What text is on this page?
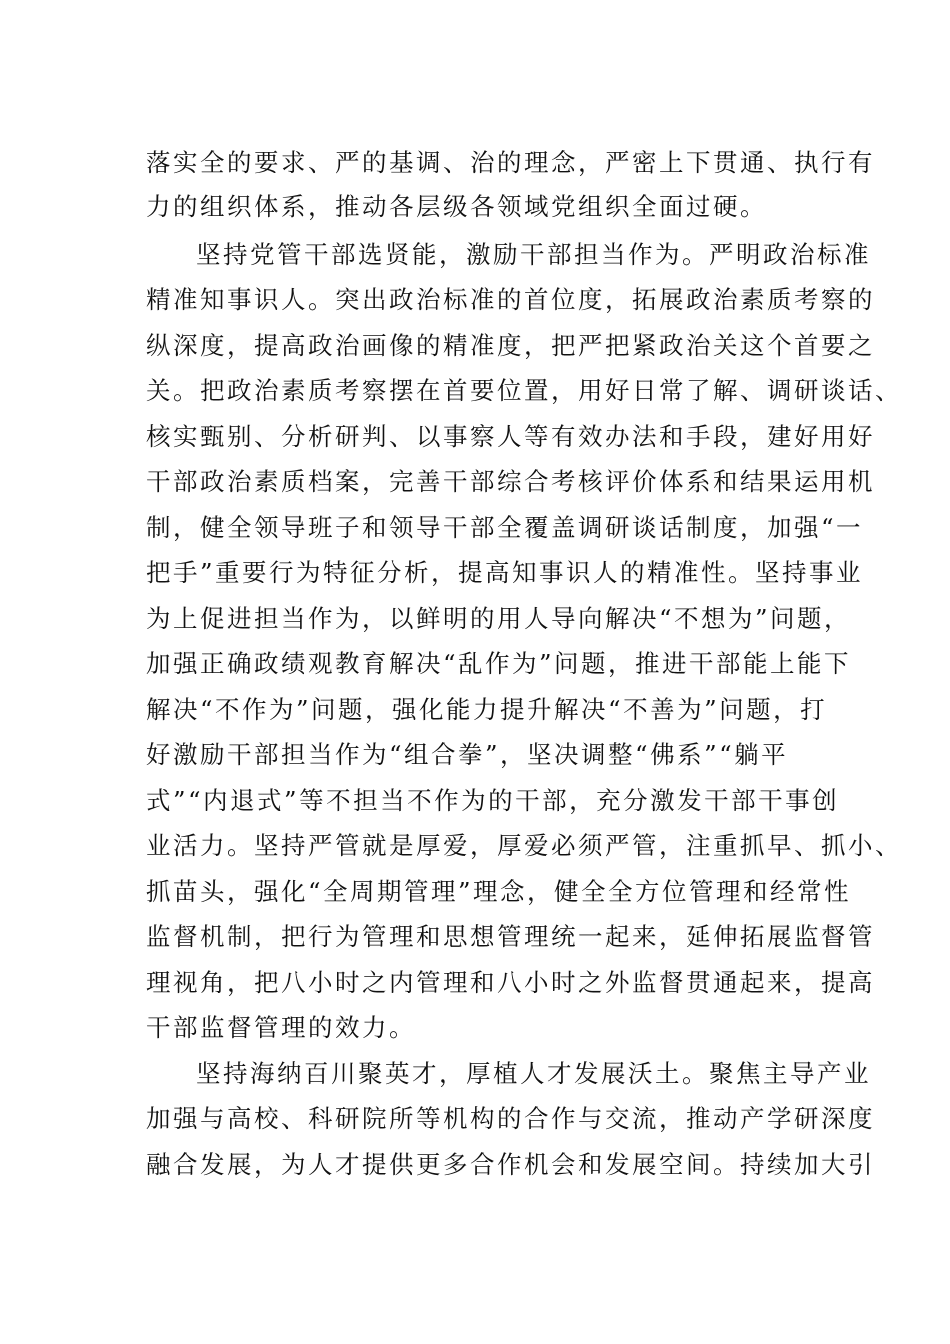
落实全的要求、严的基调、治的理念，严密上下贯通、执行有
力的组织体系，推动各层级各领域党组织全面过硬。
坚持党管干部选贤能，激励干部担当作为。严明政治标准
精准知事识人。突出政治标准的首位度，拓展政治素质考察的
纵深度，提高政治画像的精准度，把严把紧政治关这个首要之
关。把政治素质考察摆在首要位置，用好日常了解、调研谈话、
核实甄别、分析研判、以事察人等有效办法和手段，建好用好
干部政治素质档案，完善干部综合考核评价体系和结果运用机
制，健全领导班子和领导干部全覆盖调研谈话制度，加强“一
把手”重要行为特征分析，提高知事识人的精准性。坚持事业
为上促进担当作为，以鲜明的用人导向解决“不想为”问题，
加强正确政绩观教育解决“乱作为”问题，推进干部能上能下
解决“不作为”问题，强化能力提升解决“不善为”问题，打
好激励干部担当作为“组合拳”，坚决调整“佛系”“躺平
式”“内退式”等不担当不作为的干部，充分激发干部干事创
业活力。坚持严管就是厚爱，厚爱必须严管，注重抓早、抓小、
抓苗头，强化“全周期管理”理念，健全全方位管理和经常性
监督机制，把行为管理和思想管理统一起来，延伸拓展监督管
理视角，把八小时之内管理和八小时之外监督贯通起来，提高
干部监督管理的效力。
坚持海纳百川聚英才，厚植人才发展沃土。聚焦主导产业
加强与高校、科研院所等机构的合作与交流，推动产学研深度
融合发展，为人才提供更多合作机会和发展空间。持续加大引
